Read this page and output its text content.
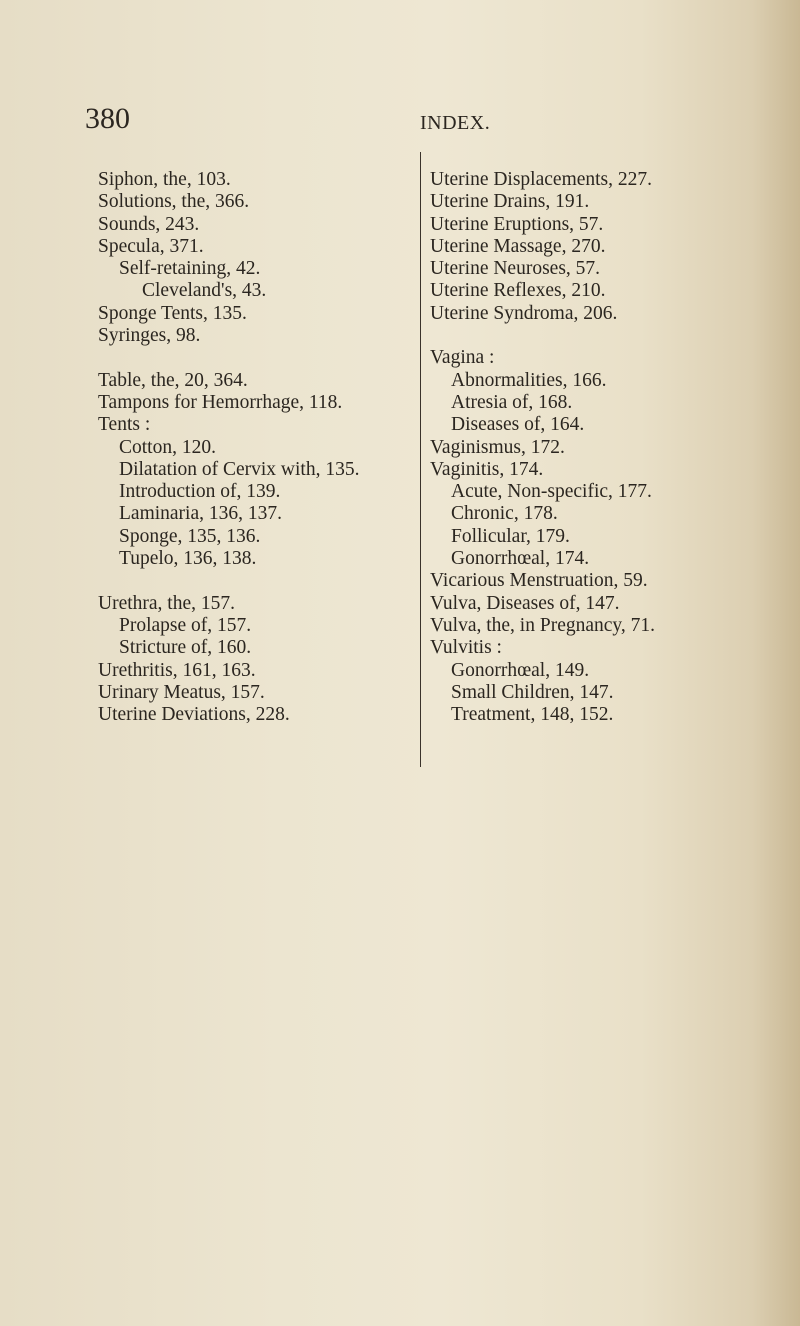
380	INDEX.
Siphon, the, 103.
Solutions, the, 366.
Sounds, 243.
Specula, 371.
Self-retaining, 42.
Cleveland's, 43.
Sponge Tents, 135.
Syringes, 98.
Table, the, 20, 364.
Tampons for Hemorrhage, 118.
Tents :
Cotton, 120.
Dilatation of Cervix with, 135.
Introduction of, 139.
Laminaria, 136, 137.
Sponge, 135, 136.
Tupelo, 136, 138.
Urethra, the, 157.
Prolapse of, 157.
Stricture of, 160.
Urethritis, 161, 163.
Urinary Meatus, 157.
Uterine Deviations, 228.
Uterine Displacements, 227.
Uterine Drains, 191.
Uterine Eruptions, 57.
Uterine Massage, 270.
Uterine Neuroses, 57.
Uterine Reflexes, 210.
Uterine Syndroma, 206.
Vagina :
Abnormalities, 166.
Atresia of, 168.
Diseases of, 164.
Vaginismus, 172.
Vaginitis, 174.
Acute, Non-specific, 177.
Chronic, 178.
Follicular, 179.
Gonorrhœal, 174.
Vicarious Menstruation, 59.
Vulva, Diseases of, 147.
Vulva, the, in Pregnancy, 71.
Vulvitis :
Gonorrhœal, 149.
Small Children, 147.
Treatment, 148, 152.
